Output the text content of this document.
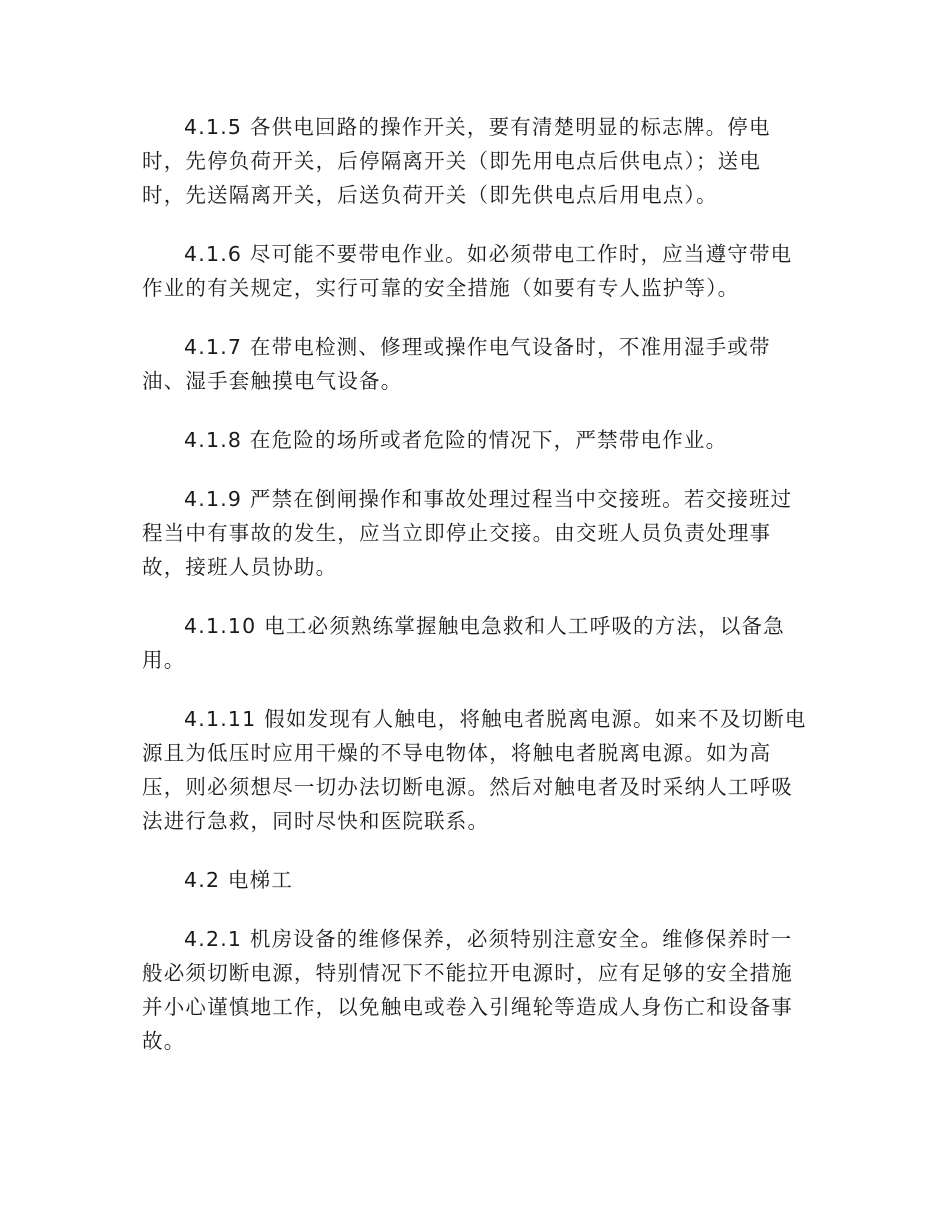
4.1.5 各供电回路的操作开关，要有清楚明显的标志牌。停电
时，先停负荷开关，后停隔离开关（即先用电点后供电点）；送电
时，先送隔离开关，后送负荷开关（即先供电点后用电点）。

4.1.6 尽可能不要带电作业。如必须带电工作时，应当遵守带电
作业的有关规定，实行可靠的安全措施（如要有专人监护等）。

4.1.7 在带电检测、修理或操作电气设备时，不准用湿手或带
油、湿手套触摸电气设备。

4.1.8 在危险的场所或者危险的情况下，严禁带电作业。

4.1.9 严禁在倒闸操作和事故处理过程当中交接班。若交接班过
程当中有事故的发生，应当立即停止交接。由交班人员负责处理事
故，接班人员协助。

4.1.10 电工必须熟练掌握触电急救和人工呼吸的方法，以备急
用。

4.1.11 假如发现有人触电，将触电者脱离电源。如来不及切断电
源且为低压时应用干燥的不导电物体，将触电者脱离电源。如为高
压，则必须想尽一切办法切断电源。然后对触电者及时采纳人工呼吸
法进行急救，同时尽快和医院联系。

4.2 电梯工

4.2.1 机房设备的维修保养，必须特别注意安全。维修保养时一
般必须切断电源，特别情况下不能拉开电源时，应有足够的安全措施
并小心谨慎地工作，以免触电或卷入引绳轮等造成人身伤亡和设备事
故。
